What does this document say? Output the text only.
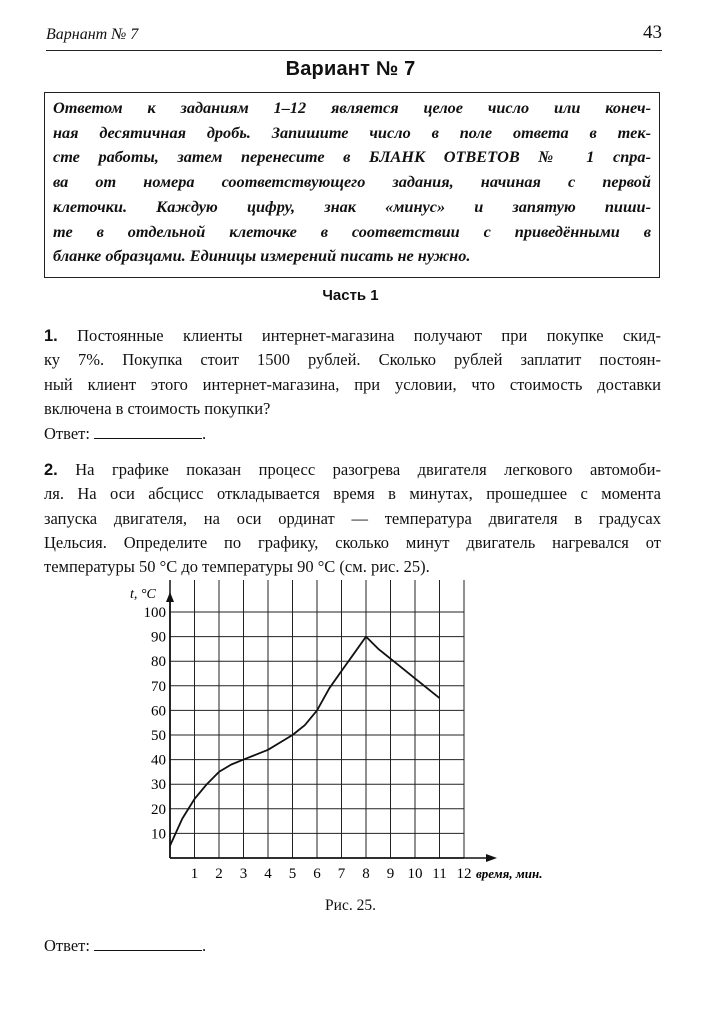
Варнант № 7	43
Вариант № 7
Ответом к заданиям 1–12 является целое число или конеч-
ная десятичная дробь. Запишите число в поле ответа в тек-
сте работы, затем перенесите в БЛАНК ОТВЕТОВ № 1 спра-
ва от номера соответствующего задания, начиная с первой
клеточки. Каждую цифру, знак «минус» и запятую пиши-
те в отдельной клеточке в соответствии с приведёнными в
бланке образцами. Единицы измерений писать не нужно.
Часть 1
1. Постоянные клиенты интернет-магазина получают при покупке скид-
ку 7%. Покупка стоит 1500 рублей. Сколько рублей заплатит постоян-
ный клиент этого интернет-магазина, при условии, что стоимость доставки
включена в стоимость покупки?
Ответ:	.
2. На графике показан процесс разогрева двигателя легкового автомоби-
ля. На оси абсцисс откладывается время в минутах, прошедшее с момента
запуска двигателя, на оси ординат — температура двигателя в градусах
Цельсия. Определите по графику, сколько минут двигатель нагревался от
температуры 50 °С до температуры 90 °С (см. рис. 25).
10
20
30
40
50
60
70
80
90
100
1 2 3 4 5 6 7 8 9 10 11 12 время, мин.
t, °C
Рис. 25.
Ответ:	.
